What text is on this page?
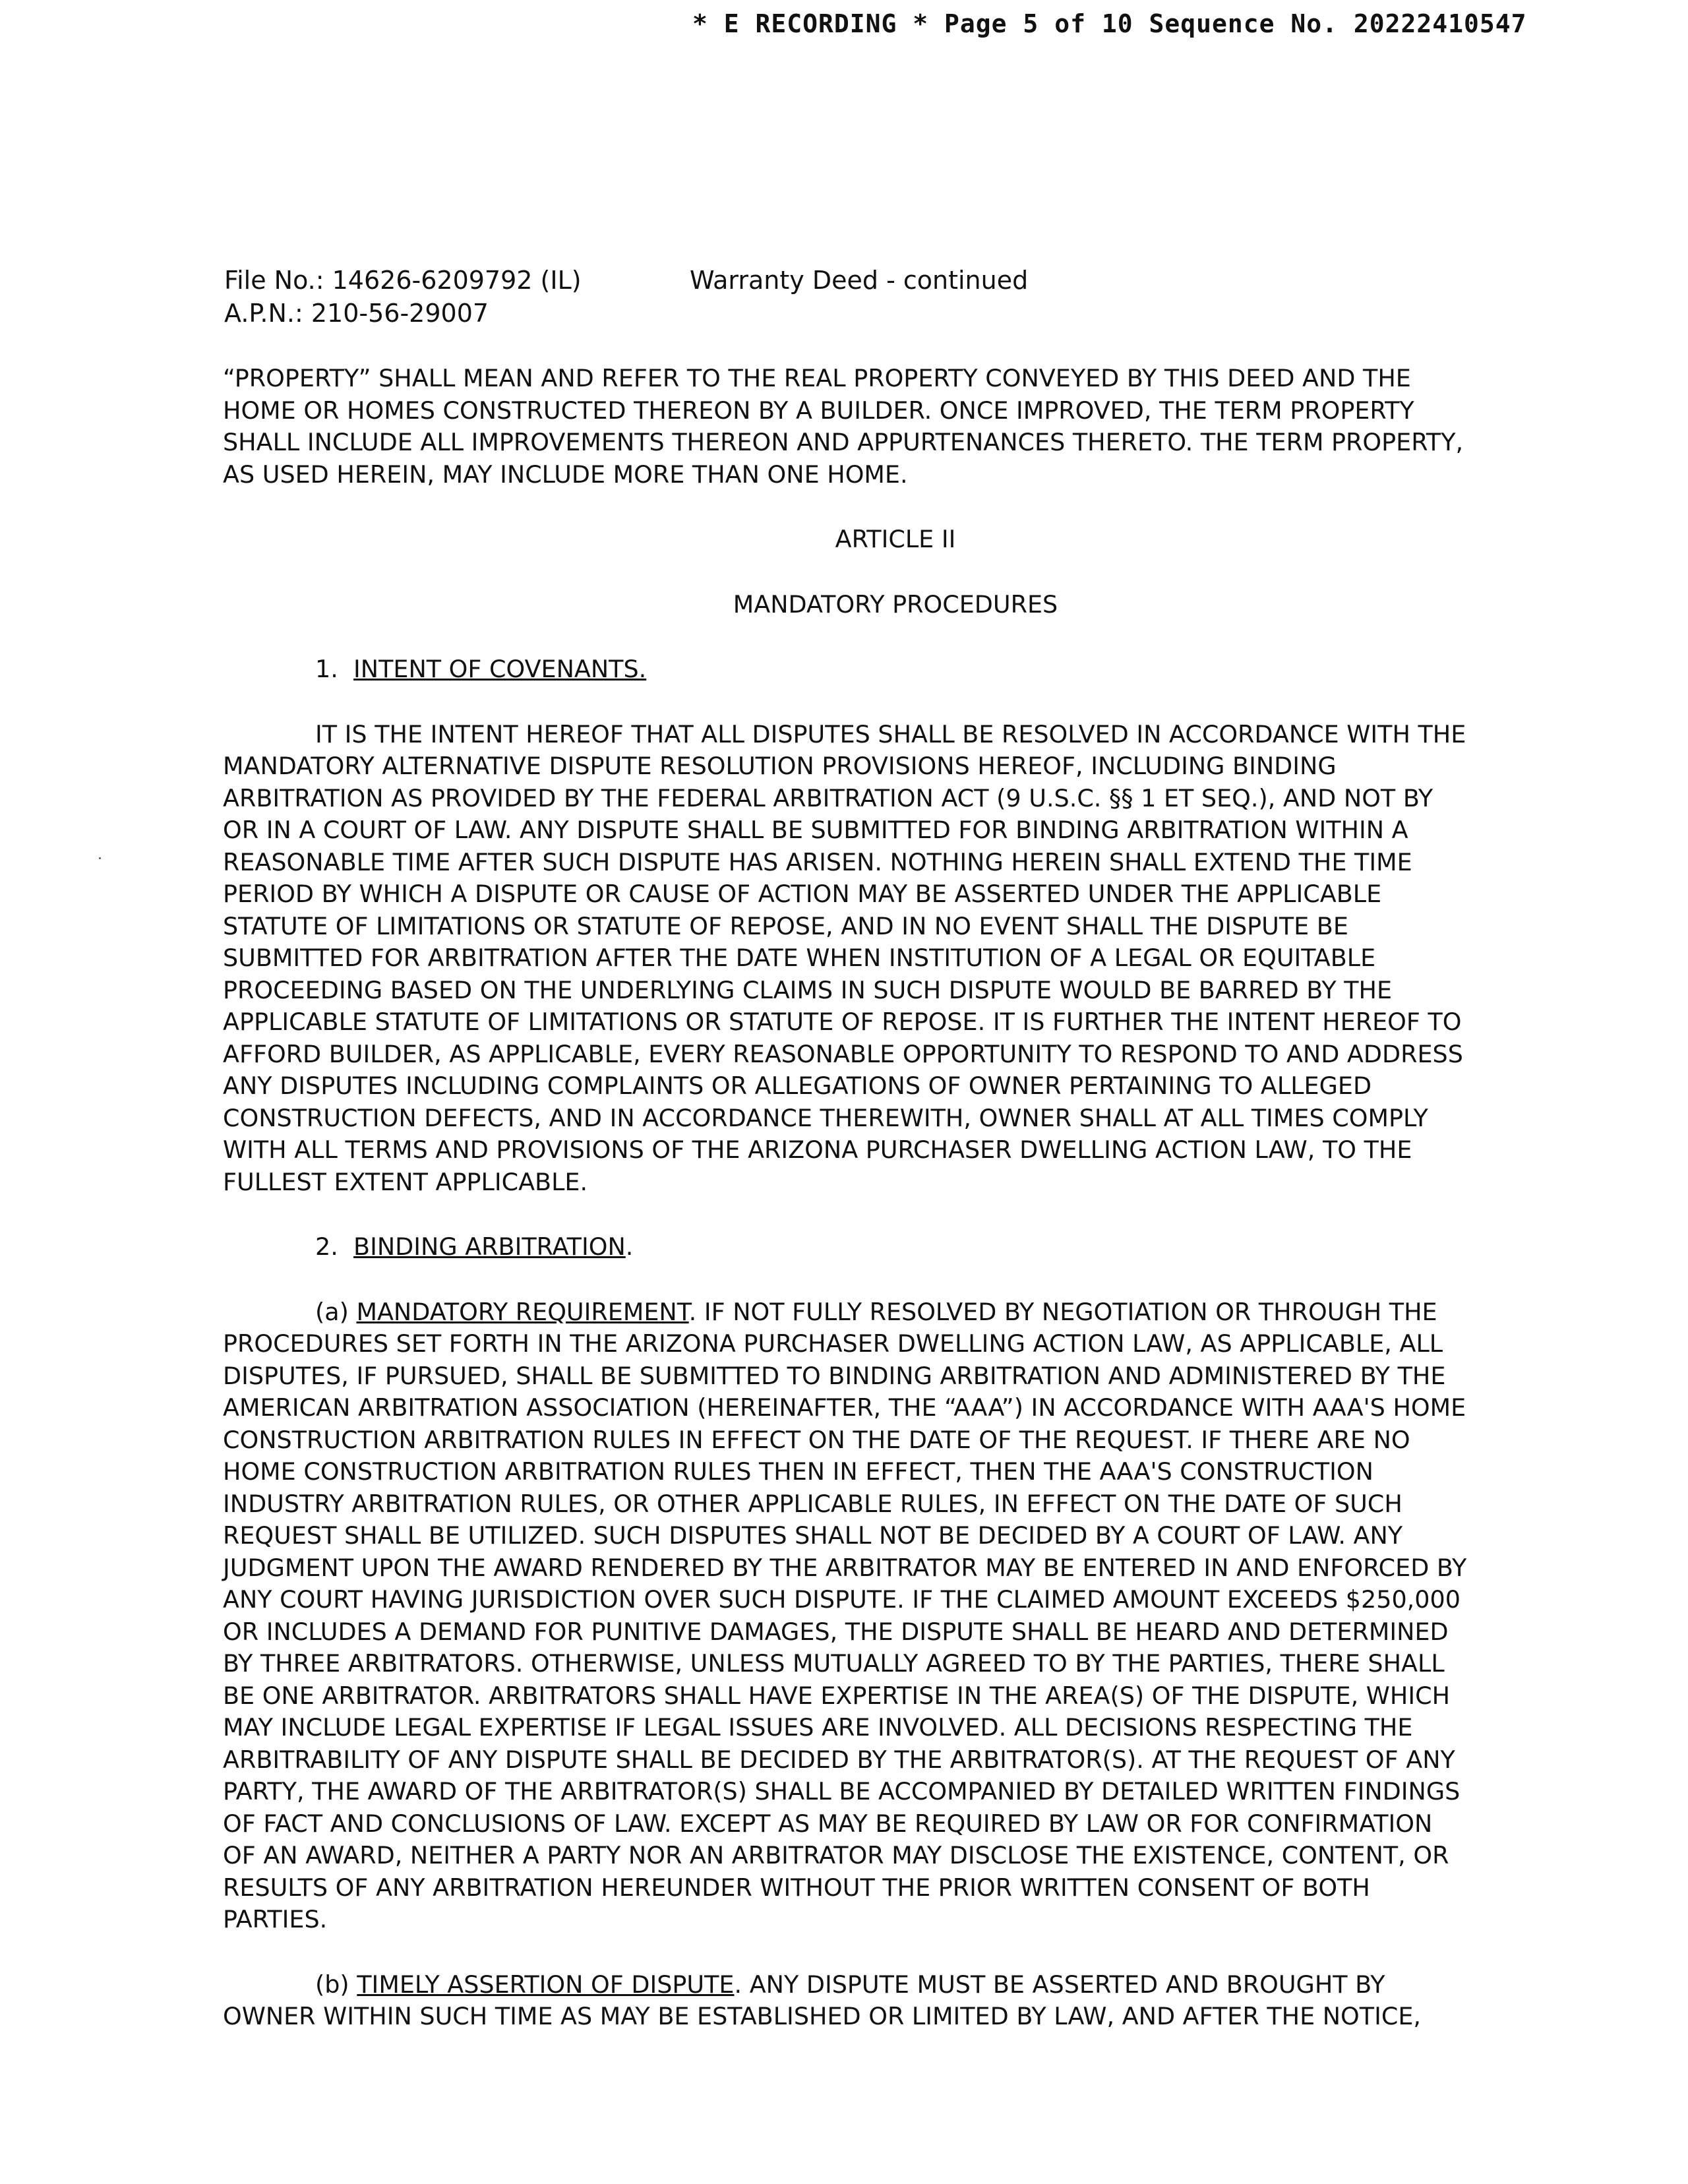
* E RECORDING * Page 5 of 10 Sequence No. 20222410547
File No.: 14626-6209792 (IL)
A.P.N.: 210-56-29007
Warranty Deed - continued

“PROPERTY” SHALL MEAN AND REFER TO THE REAL PROPERTY CONVEYED BY THIS DEED AND THE HOME OR HOMES CONSTRUCTED THEREON BY A BUILDER. ONCE IMPROVED, THE TERM PROPERTY SHALL INCLUDE ALL IMPROVEMENTS THEREON AND APPURTENANCES THERETO. THE TERM PROPERTY, AS USED HEREIN, MAY INCLUDE MORE THAN ONE HOME.

ARTICLE II

MANDATORY PROCEDURES

1. INTENT OF COVENANTS.

IT IS THE INTENT HEREOF THAT ALL DISPUTES SHALL BE RESOLVED IN ACCORDANCE WITH THE MANDATORY ALTERNATIVE DISPUTE RESOLUTION PROVISIONS HEREOF, INCLUDING BINDING ARBITRATION AS PROVIDED BY THE FEDERAL ARBITRATION ACT (9 U.S.C. §§ 1 ET SEQ.), AND NOT BY OR IN A COURT OF LAW. ANY DISPUTE SHALL BE SUBMITTED FOR BINDING ARBITRATION WITHIN A REASONABLE TIME AFTER SUCH DISPUTE HAS ARISEN. NOTHING HEREIN SHALL EXTEND THE TIME PERIOD BY WHICH A DISPUTE OR CAUSE OF ACTION MAY BE ASSERTED UNDER THE APPLICABLE STATUTE OF LIMITATIONS OR STATUTE OF REPOSE, AND IN NO EVENT SHALL THE DISPUTE BE SUBMITTED FOR ARBITRATION AFTER THE DATE WHEN INSTITUTION OF A LEGAL OR EQUITABLE PROCEEDING BASED ON THE UNDERLYING CLAIMS IN SUCH DISPUTE WOULD BE BARRED BY THE APPLICABLE STATUTE OF LIMITATIONS OR STATUTE OF REPOSE. IT IS FURTHER THE INTENT HEREOF TO AFFORD BUILDER, AS APPLICABLE, EVERY REASONABLE OPPORTUNITY TO RESPOND TO AND ADDRESS ANY DISPUTES INCLUDING COMPLAINTS OR ALLEGATIONS OF OWNER PERTAINING TO ALLEGED CONSTRUCTION DEFECTS, AND IN ACCORDANCE THEREWITH, OWNER SHALL AT ALL TIMES COMPLY WITH ALL TERMS AND PROVISIONS OF THE ARIZONA PURCHASER DWELLING ACTION LAW, TO THE FULLEST EXTENT APPLICABLE.

2. BINDING ARBITRATION.

(a) MANDATORY REQUIREMENT. IF NOT FULLY RESOLVED BY NEGOTIATION OR THROUGH THE PROCEDURES SET FORTH IN THE ARIZONA PURCHASER DWELLING ACTION LAW, AS APPLICABLE, ALL DISPUTES, IF PURSUED, SHALL BE SUBMITTED TO BINDING ARBITRATION AND ADMINISTERED BY THE AMERICAN ARBITRATION ASSOCIATION (HEREINAFTER, THE “AAA”) IN ACCORDANCE WITH AAA'S HOME CONSTRUCTION ARBITRATION RULES IN EFFECT ON THE DATE OF THE REQUEST. IF THERE ARE NO HOME CONSTRUCTION ARBITRATION RULES THEN IN EFFECT, THEN THE AAA'S CONSTRUCTION INDUSTRY ARBITRATION RULES, OR OTHER APPLICABLE RULES, IN EFFECT ON THE DATE OF SUCH REQUEST SHALL BE UTILIZED. SUCH DISPUTES SHALL NOT BE DECIDED BY A COURT OF LAW. ANY JUDGMENT UPON THE AWARD RENDERED BY THE ARBITRATOR MAY BE ENTERED IN AND ENFORCED BY ANY COURT HAVING JURISDICTION OVER SUCH DISPUTE. IF THE CLAIMED AMOUNT EXCEEDS $250,000 OR INCLUDES A DEMAND FOR PUNITIVE DAMAGES, THE DISPUTE SHALL BE HEARD AND DETERMINED BY THREE ARBITRATORS. OTHERWISE, UNLESS MUTUALLY AGREED TO BY THE PARTIES, THERE SHALL BE ONE ARBITRATOR. ARBITRATORS SHALL HAVE EXPERTISE IN THE AREA(S) OF THE DISPUTE, WHICH MAY INCLUDE LEGAL EXPERTISE IF LEGAL ISSUES ARE INVOLVED. ALL DECISIONS RESPECTING THE ARBITRABILITY OF ANY DISPUTE SHALL BE DECIDED BY THE ARBITRATOR(S). AT THE REQUEST OF ANY PARTY, THE AWARD OF THE ARBITRATOR(S) SHALL BE ACCOMPANIED BY DETAILED WRITTEN FINDINGS OF FACT AND CONCLUSIONS OF LAW. EXCEPT AS MAY BE REQUIRED BY LAW OR FOR CONFIRMATION OF AN AWARD, NEITHER A PARTY NOR AN ARBITRATOR MAY DISCLOSE THE EXISTENCE, CONTENT, OR RESULTS OF ANY ARBITRATION HEREUNDER WITHOUT THE PRIOR WRITTEN CONSENT OF BOTH PARTIES.

(b) TIMELY ASSERTION OF DISPUTE. ANY DISPUTE MUST BE ASSERTED AND BROUGHT BY OWNER WITHIN SUCH TIME AS MAY BE ESTABLISHED OR LIMITED BY LAW, AND AFTER THE NOTICE,
